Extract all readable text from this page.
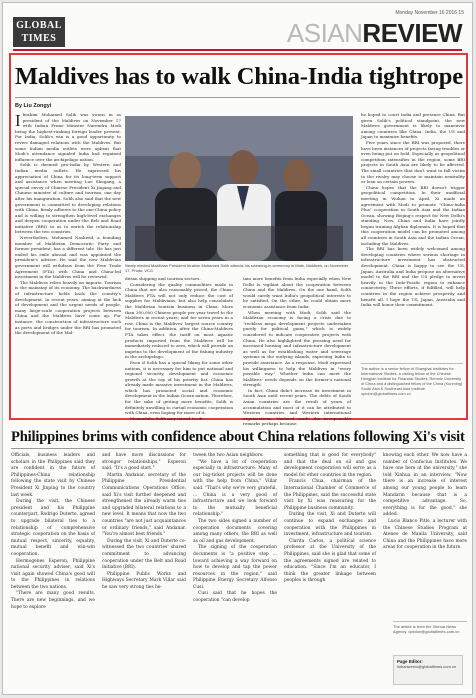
GLOBAL
TIMES
Monday November 16 2016 15
ASIANREVIEW
Maldives has to walk China-India tightrope
By Liu Zongyi

Ibrahim Mohamed Solih was sworn in as president of the Maldives on November 17 with Indian Prime Minister Narendra Modi being the highest-ranking foreign leader present. For India, Solih's win is a good opportunity to revive damaged relations with the Maldives. But some Indian media outlets were upbeat that Modi's attendance signaled India had regained influence over the archipelago nation.

Solih is deemed pro-India by Western and Indian media outlets. He expressed his appreciation of China for its long-term support and assistance when meeting Luo Shugang, a special envoy of Chinese President Xi Jinping and Chinese minister of culture and tourism, one day after his inauguration. Solih also said that the new government is committed to developing relations with China, firmly adheres to the one-China policy and is willing to strengthen high-level exchanges and deepen cooperation under the Belt and Road initiative (BRI) so as to enrich the relationship between the two countries.

Nevertheless, Mohamed Nasheed, a founding member of Maldivian Democratic Party and former president, has a different tale. He has just ended his exile abroad and was appointed the president's adviser. He said the new Maldivian government will withdraw from the Free Trade Agreement (FTA) with China and China-led investment in the Maldives will be reviewed.

The Maldives relies heavily on imports. Tourism is the mainstay of its economy. The backwardness of infrastructure holds back the country's development. In recent years, aiming at the lack of development and the urgent needs of people, many large-scale cooperation projects between China and the Maldives have come up. For instance, the construction of infrastructure such as ports and bridges under the BRI has promoted the development of the Mal-

Newly elected Maldivian President Ibrahim Mohamed Solih attends his swearing-in ceremony in Male, Maldives, on November 17. Photo: VCG

divian shipping and tourism sectors.

Considering the quality commodities made in China that are also reasonably priced, the China-Maldives FTA will not only reduce the cost of supplies for Maldivians, but also help consolidate the Maldivian tourism business in China. More than 300,000 Chinese people per year travel to the Maldives in recent years; and for seven years in a row, China is the Maldives' largest source country for tourism. In addition, after the China-Maldives FTA takes effect, the tariff on most aquatic products imported from the Maldives will be immediately reduced to zero, which will provide an impetus to the development of the fishing industry in the archipelago.

Even if Solih has a special liking for some other nations, it is necessary for him to put national and regional security, development and economic growth at the top of his priority list. China has already made massive investment in the Maldives, which has promoted social and economic development in the Indian Ocean nation. Therefore, for the sake of getting more benefits, Solih is definitely unwilling to curtail economic cooperation with China, even hoping for more of it.

Meanwhile, Solih may intend to ob-

tain more benefits from India especially when New Delhi is vigilant about the cooperation between China and the Maldives. On the one hand, Solih would surely want India's geopolitical interests to be satisfied. On the other, he could obtain more economic assistance from India.

When meeting with Modi, Solih said the Maldivian economy is facing a crisis due to "reckless mega development projects undertaken purely for political gains," which is widely considered to indicate cooperative projects with China. He also highlighted the pressing need for increased housing and infrastructure development as well as for establishing water and sewerage systems in the outlying islands, expecting India to provide assistance. As a response, Modi expressed his willingness to help the Maldives in "every possible way." Whether India can meet the Maldives' needs depends on the former's national strength.

In fact, China didn't increase its investment in South Asia until recent years. The debts of South Asian countries are the result of years of accumulation and most of it can be attributed to Western countries and Western international organizations. Nasheed made the irresponsible remarks perhaps because

he hoped to court India and pressure China. But given Solih's political standpoint, the new Maldives government is likely to maneuver among countries like China, India, the US and Japan to maximize benefits.

Five years since the BRI was proposed, there have been instances of projects facing troubles or even being put on hold. Especially as geopolitical competition intensifies in the region, some BRI projects in South Asia are likely to be affected. The small countries that don't want to fall victim to the rivalry may choose to maintain neutrality or lean on certain powers.

China hopes that the BRI doesn't trigger geopolitical competition. In their unofficial meeting in Wuhan in April, Xi made an agreement with Modi to promote "China-India Plus" cooperation in South Asia and the Indian Ocean, showing Beijing's respect for New Delhi's standing. Now, China and India have jointly begun training Afghan diplomats. It is hoped that this cooperation model can be promoted among all countries in South Asia and the Indian Ocean, including the Maldives.

The BRI has been widely welcomed among developing countries where serious shortage in infrastructure investment has obstructed development. China is happy to see the US, Japan, Australia and India propose an alternative model to the BRI and the US pledge to invest heavily in the Indo-Pacific region to enhance connectivity. These efforts, if fulfilled, will help countries in the region achieve prosperity and benefit all. I hope the US, Japan, Australia and India will honor their commitment.

The author is a senior fellow of Shanghai Institutes for International Studies, a visiting fellow of the Chinese Hongjian Institute for Financial Studies, Renmin University of China and a distinguished fellow of the China (Kunming) South Asia & Southeast Asia Institute. opinion@globaltimes.com.cn
Philippines brims with confidence about China relations following Xi's visit

Officials, business leaders and scholars in the Philippines said they are confident in the future of Philippines-China relationship following the state visit by Chinese President Xi Jinping to the country last week.

During the visit, the Chinese president and his Philippine counterpart, Rodrigo Duterte, agreed to upgrade bilateral ties to a relationship of comprehensive strategic cooperation on the basis of mutual respect, sincerity, equality, mutual benefit and win-win cooperation.

Hermogenes Esperon, Philippine national security adviser, said Xi's visit again showed China's good will to the Philippines in relations between the two nations.

"There are many good results. There are new beginnings, and we hope to explore

and have more discussions for stronger relationships," Esperon said. "It's a good start."

Martin Andanar, secretary of the Philippine Presidential Communications Operations Office, said Xi's visit further deepened and strengthened the already warm ties and upgraded bilateral relations to a new level. It means that now the two countries "are not just acquaintances or ordinary friends," said Andanar. "You're almost best friends."

During the visit, Xi and Duterte co-witnessed the two countries' shared commitment to advancing cooperation under the Belt and Road initiative (BRI).

Philippine Public Works and Highways Secretary Mark Villar said he saw very strong ties be-

tween the two Asian neighbors.

"We have a lot of cooperation especially in infrastructure. Many of our big-ticket projects will be done with the help from China," Villar said. "That's why we're very grateful. ... China is a very good of infrastructure and we look forward to the mutually beneficial relationship."

The two sides signed a number of cooperation documents covering among many others, the BRI as well as oil and gas development.

The signing of the cooperation documents is "a positive step ... toward achieving a way forward on how to develop and tap the power resources in the region," said Philippine Energy Secretary Alfonso Cusi.

Cusi said that he hopes the cooperation "can develop

something that is good for everybody" and that the deal on oil and gas development cooperation will serve as a model for other countries in the region.

Francis Chua, chairman of the International Chamber of Commerce of the Philippines, said the successful state visit by Xi was reassuring for the Philippine business community.

During the visit, Xi and Duterte will continue to expand exchanges and cooperation with the Philippines in investment, infrastructure and tourism.

Clarita Carlos, a political science professor at the University of the Philippines, said she is glad that some of the agreements signed are related to education. "Since I'm an educator, I think the greater linkage between peoples is through

knowing each other. We now have a number of Confucius Institutes. We have one here at the university," she told Xinhua in an interview. "Now there is an increase of interest among our young people to learn Mandarin because that is a competitive advantage. So, everything is for the good," she added.

Lucio Blanco Pitlo, a lecturer with the Chinese Studies Program at Ateneo de Manila University, said China and the Philippines have more areas for cooperation in the future.

The article is from the Xinhua News Agency. opinion@globaltimes.com.cn
Page Editor:
liuhanwenxi@globaltimes.com.cn
